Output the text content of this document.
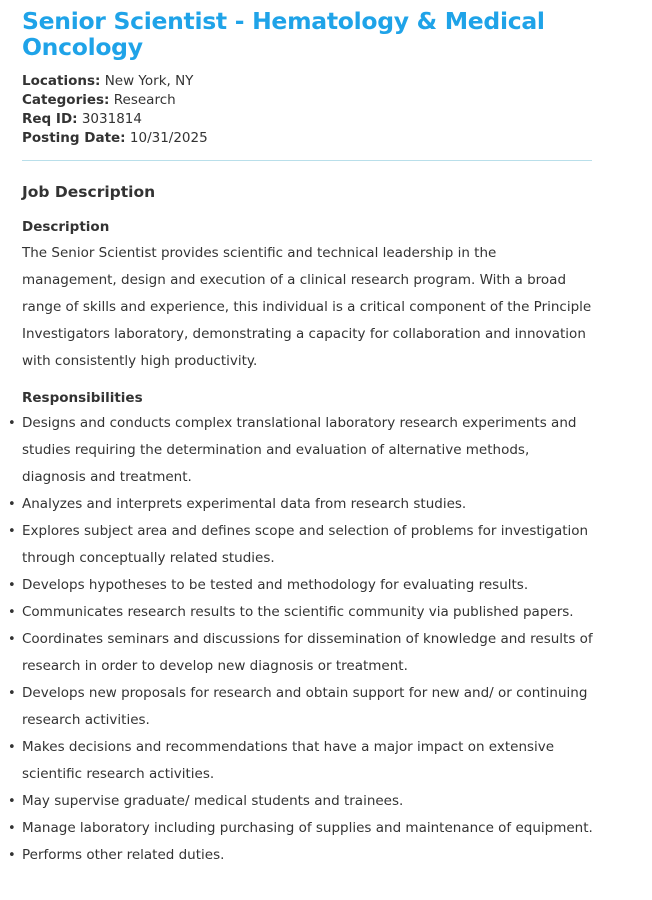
Senior Scientist - Hematology & Medical Oncology
Locations: New York, NY
Categories: Research
Req ID: 3031814
Posting Date: 10/31/2025
Job Description
Description

The Senior Scientist provides scientific and technical leadership in the management, design and execution of a clinical research program. With a broad range of skills and experience, this individual is a critical component of the Principle Investigators laboratory, demonstrating a capacity for collaboration and innovation with consistently high productivity.

Responsibilities
• Designs and conducts complex translational laboratory research experiments and studies requiring the determination and evaluation of alternative methods, diagnosis and treatment.
• Analyzes and interprets experimental data from research studies.
• Explores subject area and defines scope and selection of problems for investigation through conceptually related studies.
• Develops hypotheses to be tested and methodology for evaluating results.
• Communicates research results to the scientific community via published papers.
• Coordinates seminars and discussions for dissemination of knowledge and results of research in order to develop new diagnosis or treatment.
• Develops new proposals for research and obtain support for new and/ or continuing research activities.
• Makes decisions and recommendations that have a major impact on extensive scientific research activities.
• May supervise graduate/ medical students and trainees.
• Manage laboratory including purchasing of supplies and maintenance of equipment.
• Performs other related duties.
